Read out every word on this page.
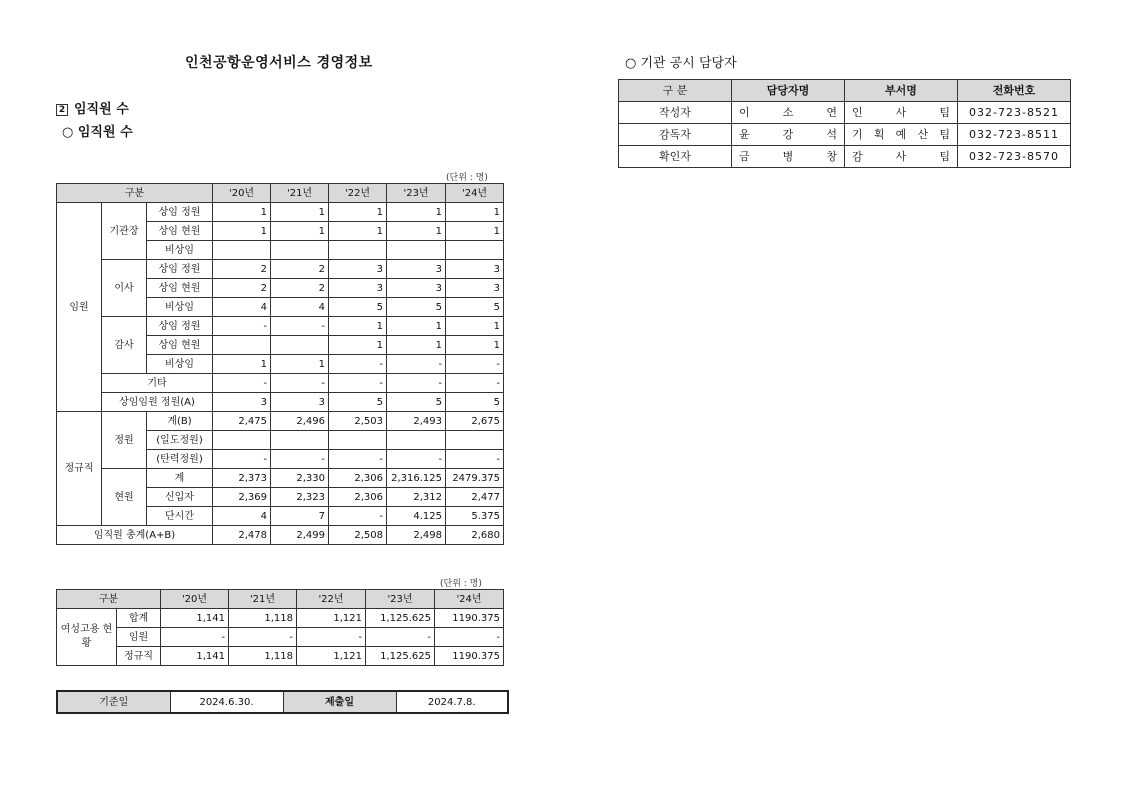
인천공항운영서비스 경영정보
2 임직원 수
○ 임직원 수
(단위 : 명)
구분			'20년	'21년	'22년	'23년	'24년
임원	기관장	상임 정원	1	1	1	1	1
		상임 현원	1	1	1	1	1
		비상임					
	이사	상임 정원	2	2	3	3	3
		상임 현원	2	2	3	3	3
		비상임	4	4	5	5	5
	감사	상임 정원	-	-	1	1	1
		상임 현원			1	1	1
		비상임	1	1	-	-	-
	기타		-	-	-	-	-
	상임임원 정원(A)		3	3	5	5	5
정규직	정원	계(B)	2,475	2,496	2,503	2,493	2,675
		(일도정원)					
		(탄력정원)	-	-	-	-	-
	현원	계	2,373	2,330	2,306	2,316.125	2479.375
		신입자	2,369	2,323	2,306	2,312	2,477
		단시간	4	7	-	4.125	5.375
임직원 총계(A+B)			2,478	2,499	2,508	2,498	2,680
(단위 : 명)
구분		'20년	'21년	'22년	'23년	'24년
여성고용 현황	합계	1,141	1,118	1,121	1,125.625	1190.375
	임원	-	-	-	-	-
	정규직	1,141	1,118	1,121	1,125.625	1190.375
기준일	2024.6.30.	제출일	2024.7.8.
○ 기관 공시 담당자
구 분	담당자명	부서명	전화번호
작성자	이 소 연	인 사 팀	032-723-8521
감독자	윤 강 석	기 획 예 산 팀	032-723-8511
확인자	금 병 창	감 사 팀	032-723-8570
